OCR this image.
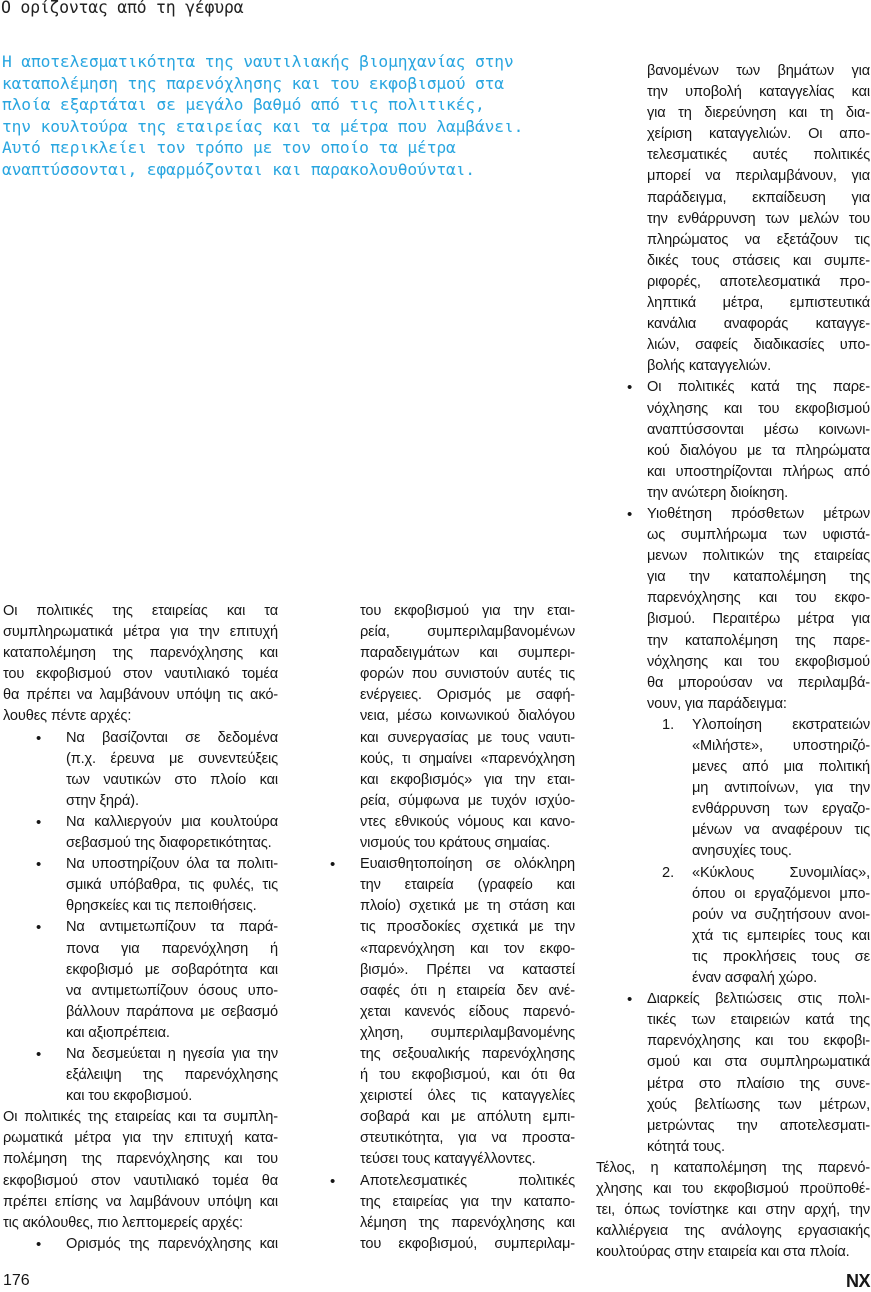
Ο ορίζοντας από τη γέφυρα
Η αποτελεσματικότητα της ναυτιλιακής βιομηχανίας στην
καταπολέμηση της παρενόχλησης και του εκφοβισμού στα
πλοία εξαρτάται σε μεγάλο βαθμό από τις πολιτικές,
την κουλτούρα της εταιρείας και τα μέτρα που λαμβάνει.
Αυτό περικλείει τον τρόπο με τον οποίο τα μέτρα
αναπτύσσονται, εφαρμόζονται και παρακολουθούνται.
Οι πολιτικές της εταιρείας και τα
συμπληρωματικά μέτρα για την επιτυχή
καταπολέμηση της παρενόχλησης και
του εκφοβισμού στον ναυτιλιακό τομέα
θα πρέπει να λαμβάνουν υπόψη τις ακό-
λουθες πέντε αρχές:
• Να βασίζονται σε δεδομένα
(π.χ. έρευνα με συνεντεύξεις
των ναυτικών στο πλοίο και
στην ξηρά).
• Να καλλιεργούν μια κουλτούρα
σεβασμού της διαφορετικότητας.
• Να υποστηρίζουν όλα τα πολιτι-
σμικά υπόβαθρα, τις φυλές, τις
θρησκείες και τις πεποιθήσεις.
• Να αντιμετωπίζουν τα παρά-
πονα για παρενόχληση ή
εκφοβισμό με σοβαρότητα και
να αντιμετωπίζουν όσους υπο-
βάλλουν παράπονα με σεβασμό
και αξιοπρέπεια.
• Να δεσμεύεται η ηγεσία για την
εξάλειψη της παρενόχλησης
και του εκφοβισμού.
Οι πολιτικές της εταιρείας και τα συμπλη-
ρωματικά μέτρα για την επιτυχή κατα-
πολέμηση της παρενόχλησης και του
εκφοβισμού στον ναυτιλιακό τομέα θα
πρέπει επίσης να λαμβάνουν υπόψη και
τις ακόλουθες, πιο λεπτομερείς αρχές:
• Ορισμός της παρενόχλησης και
του εκφοβισμού για την εται-
ρεία, συμπεριλαμβανομένων
παραδειγμάτων και συμπερι-
φορών που συνιστούν αυτές τις
ενέργειες. Ορισμός με σαφή-
νεια, μέσω κοινωνικού διαλόγου
και συνεργασίας με τους ναυτι-
κούς, τι σημαίνει «παρενόχληση
και εκφοβισμός» για την εται-
ρεία, σύμφωνα με τυχόν ισχύο-
ντες εθνικούς νόμους και κανο-
νισμούς του κράτους σημαίας.
• Ευαισθητοποίηση σε ολόκληρη
την εταιρεία (γραφείο και
πλοίο) σχετικά με τη στάση και
τις προσδοκίες σχετικά με την
«παρενόχληση και τον εκφο-
βισμό». Πρέπει να καταστεί
σαφές ότι η εταιρεία δεν ανέ-
χεται κανενός είδους παρενό-
χληση, συμπεριλαμβανομένης
της σεξουαλικής παρενόχλησης
ή του εκφοβισμού, και ότι θα
χειριστεί όλες τις καταγγελίες
σοβαρά και με απόλυτη εμπι-
στευτικότητα, για να προστα-
τεύσει τους καταγγέλλοντες.
• Αποτελεσματικές πολιτικές
της εταιρείας για την καταπο-
λέμηση της παρενόχλησης και
του εκφοβισμού, συμπεριλαμ-
βανομένων των βημάτων για
την υποβολή καταγγελίας και
για τη διερεύνηση και τη δια-
χείριση καταγγελιών. Οι απο-
τελεσματικές αυτές πολιτικές
μπορεί να περιλαμβάνουν, για
παράδειγμα, εκπαίδευση για
την ενθάρρυνση των μελών του
πληρώματος να εξετάζουν τις
δικές τους στάσεις και συμπε-
ριφορές, αποτελεσματικά προ-
ληπτικά μέτρα, εμπιστευτικά
κανάλια αναφοράς καταγγε-
λιών, σαφείς διαδικασίες υπο-
βολής καταγγελιών.
• Οι πολιτικές κατά της παρε-
νόχλησης και του εκφοβισμού
αναπτύσσονται μέσω κοινωνι-
κού διαλόγου με τα πληρώματα
και υποστηρίζονται πλήρως από
την ανώτερη διοίκηση.
• Υιοθέτηση πρόσθετων μέτρων
ως συμπλήρωμα των υφιστά-
μενων πολιτικών της εταιρείας
για την καταπολέμηση της
παρενόχλησης και του εκφο-
βισμού. Περαιτέρω μέτρα για
την καταπολέμηση της παρε-
νόχλησης και του εκφοβισμού
θα μπορούσαν να περιλαμβά-
νουν, για παράδειγμα:
1. Υλοποίηση εκστρατειών
«Μιλήστε», υποστηριζό-
μενες από μια πολιτική
μη αντιποίνων, για την
ενθάρρυνση των εργαζο-
μένων να αναφέρουν τις
ανησυχίες τους.
2. «Κύκλους Συνομιλίας»,
όπου οι εργαζόμενοι μπο-
ρούν να συζητήσουν ανοι-
χτά τις εμπειρίες τους και
τις προκλήσεις τους σε
έναν ασφαλή χώρο.
• Διαρκείς βελτιώσεις στις πολι-
τικές των εταιρειών κατά της
παρενόχλησης και του εκφοβι-
σμού και στα συμπληρωματικά
μέτρα στο πλαίσιο της συνε-
χούς βελτίωσης των μέτρων,
μετρώντας την αποτελεσματι-
κότητά τους.
Τέλος, η καταπολέμηση της παρενό-
χλησης και του εκφοβισμού προϋποθέ-
τει, όπως τονίστηκε και στην αρχή, την
καλλιέργεια της ανάλογης εργασιακής
κουλτούρας στην εταιρεία και στα πλοία.
176	NX
